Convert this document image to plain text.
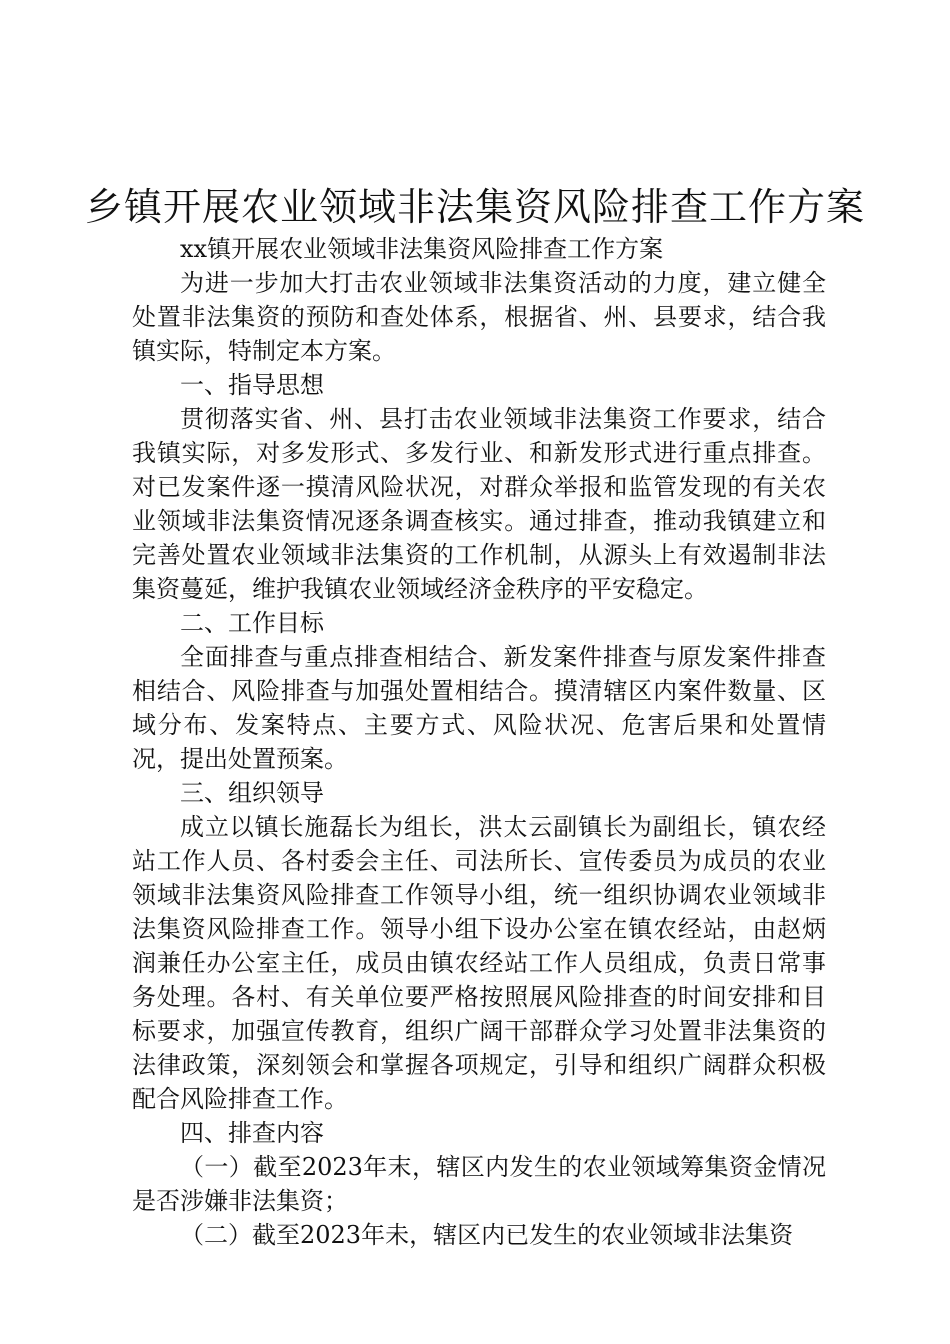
乡镇开展农业领域非法集资风险排查工作方案

xx镇开展农业领域非法集资风险排查工作方案

为进一步加大打击农业领域非法集资活动的力度，建立健全处置非法集资的预防和查处体系，根据省、州、县要求，结合我镇实际，特制定本方案。

一、指导思想

贯彻落实省、州、县打击农业领域非法集资工作要求，结合我镇实际，对多发形式、多发行业、和新发形式进行重点排查。对已发案件逐一摸清风险状况，对群众举报和监管发现的有关农业领域非法集资情况逐条调查核实。通过排查，推动我镇建立和完善处置农业领域非法集资的工作机制，从源头上有效遏制非法集资蔓延，维护我镇农业领域经济金秩序的平安稳定。

二、工作目标

全面排查与重点排查相结合、新发案件排查与原发案件排查相结合、风险排查与加强处置相结合。摸清辖区内案件数量、区域分布、发案特点、主要方式、风险状况、危害后果和处置情况，提出处置预案。

三、组织领导

成立以镇长施磊长为组长，洪太云副镇长为副组长，镇农经站工作人员、各村委会主任、司法所长、宣传委员为成员的农业领域非法集资风险排查工作领导小组，统一组织协调农业领域非法集资风险排查工作。领导小组下设办公室在镇农经站，由赵炳润兼任办公室主任，成员由镇农经站工作人员组成，负责日常事务处理。各村、有关单位要严格按照展风险排查的时间安排和目标要求，加强宣传教育，组织广阔干部群众学习处置非法集资的法律政策，深刻领会和掌握各项规定，引导和组织广阔群众积极配合风险排查工作。

四、排查内容

（一）截至2023年末，辖区内发生的农业领域筹集资金情况是否涉嫌非法集资；

（二）截至2023年未，辖区内已发生的农业领域非法集资
